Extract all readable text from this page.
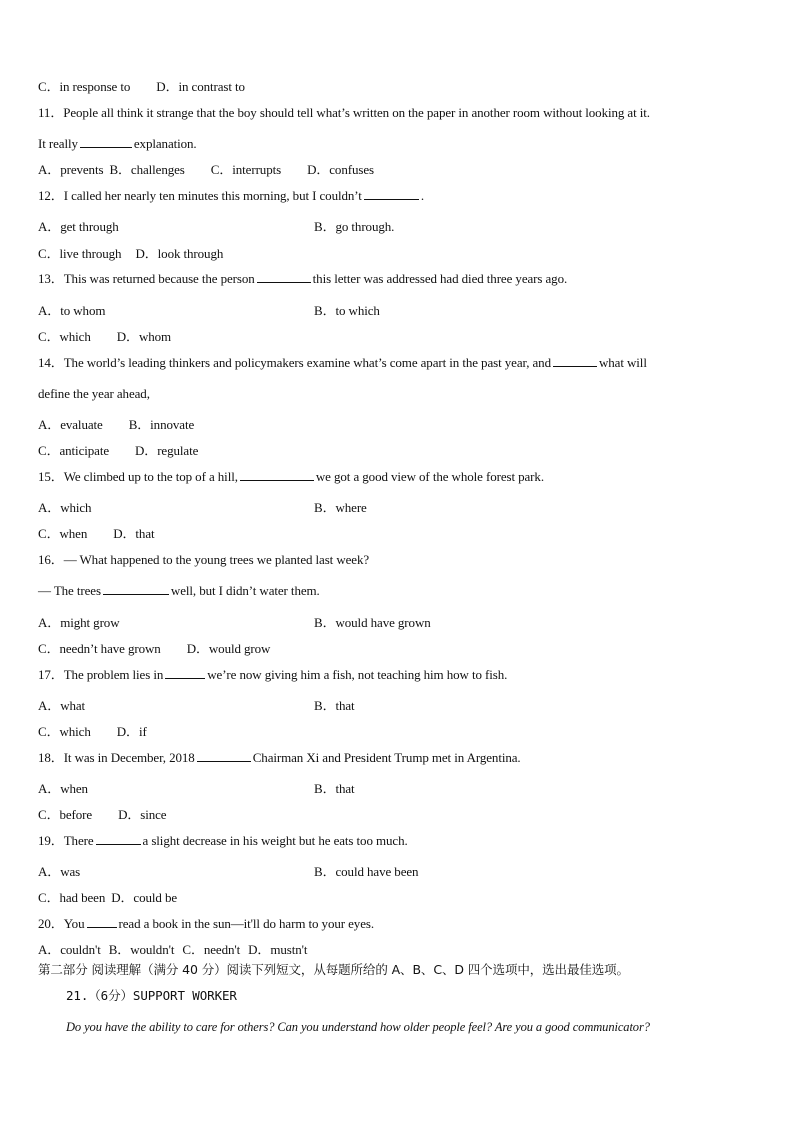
C．in response to D．in contrast to
11．People all think it strange that the boy should tell what’s written on the paper in another room without looking at it.
It really	explanation.
A．prevents B．challenges C．interrupts D．confuses
12．I called her nearly ten minutes this morning, but I couldn’t	.
A．get through	B．go through.
C．live through D．look through
13．This was returned because the person	this letter was addressed had died three years ago.
A．to whom	B．to which
C．which D．whom
14．The world’s leading thinkers and policymakers examine what’s come apart in the past year, and	what will
define the year ahead,
A．evaluate B．innovate
C．anticipate D．regulate
15．We climbed up to the top of a hill,	we got a good view of the whole forest park.
A．which	B．where
C．when D．that
16．— What happened to the young trees we planted last week?
— The trees	well, but I didn’t water them.
A．might grow	B．would have grown
C．needn’t have grown D．would grow
17．The problem lies in	we’re now giving him a fish, not teaching him how to fish.
A．what	B．that
C．which D．if
18．It was in December, 2018	Chairman Xi and President Trump met in Argentina.
A．when	B．that
C．before D．since
19．There	a slight decrease in his weight but he eats too much.
A．was	B．could have been
C．had been D．could be
20．You	read a book in the sun—it'll do harm to your eyes.
A．couldn't B．wouldn't C．needn't D．mustn't
第二部分 阅读理解（满分 40 分）阅读下列短文，从每题所给的 A、B、C、D 四个选项中，选出最佳选项。
21.（6分）SUPPORT WORKER
Do you have the ability to care for others? Can you understand how older people feel? Are you a good communicator?
